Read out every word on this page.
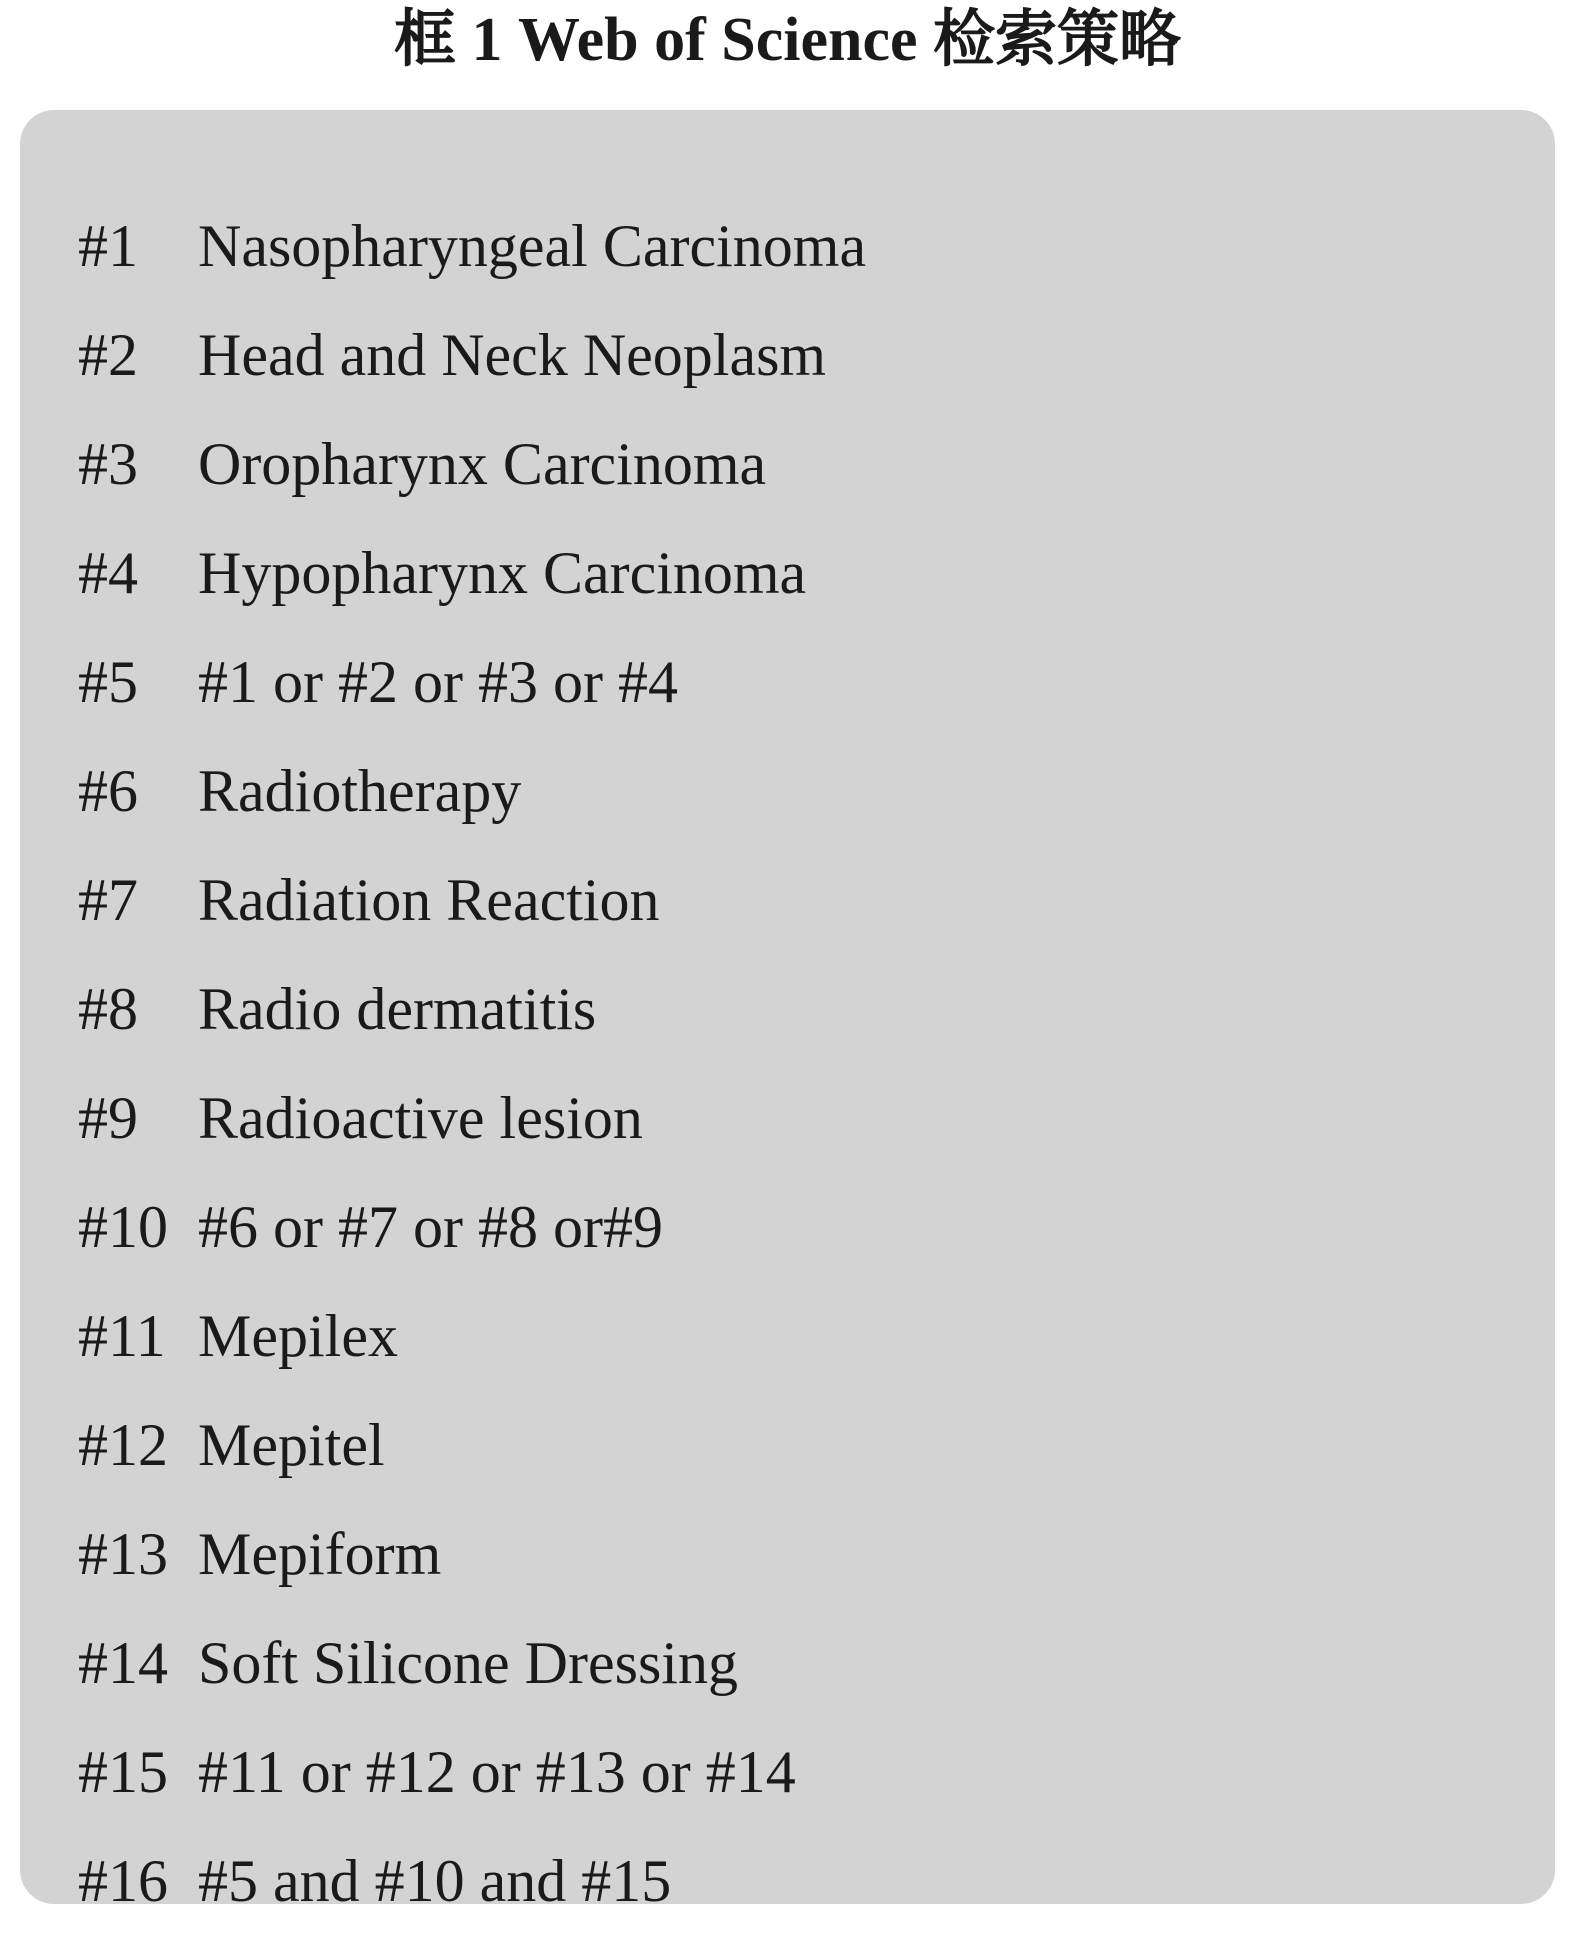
框 1 Web of Science 检索策略
#1	Nasopharyngeal Carcinoma
#2	Head and Neck Neoplasm
#3	Oropharynx Carcinoma
#4	Hypopharynx Carcinoma
#5	#1 or #2 or #3 or #4
#6	Radiotherapy
#7	Radiation Reaction
#8	Radio dermatitis
#9	Radioactive lesion
#10 #6 or #7 or #8 or#9
#11 Mepilex
#12 Mepitel
#13 Mepiform
#14 Soft Silicone Dressing
#15 #11 or #12 or #13 or #14
#16 #5 and #10 and #15
